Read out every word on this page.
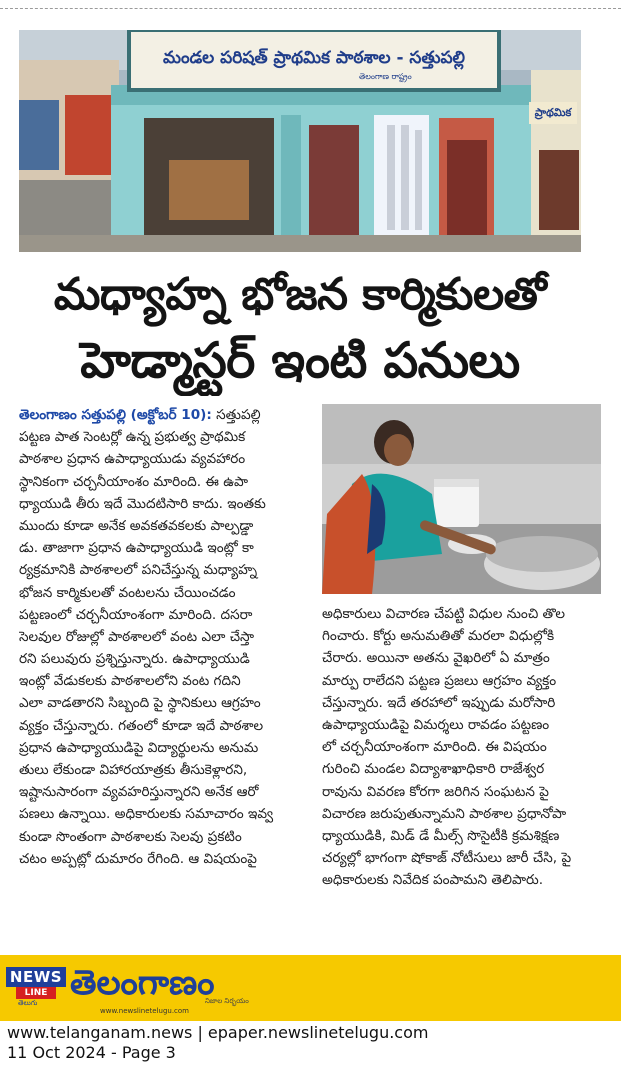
మండల పరిషత్ ప్రాథమిక పాఠశాల - సత్తుపల్లి
తెలంగాణ రాష్ట్రం
ప్రాథమిక
మధ్యాహ్న భోజన కార్మికులతో
హెడ్మాస్టర్ ఇంటి పనులు
తెలంగాణం సత్తుపల్లి (అక్టోబర్ 10): సత్తుపల్లి
పట్టణ పాత సెంటర్లో ఉన్న ప్రభుత్వ ప్రాథమిక
పాఠశాల ప్రధాన ఉపాధ్యాయుడు వ్యవహారం
స్థానికంగా చర్చనీయాంశం మారింది. ఈ ఉపా
ధ్యాయుడి తీరు ఇదే మొదటిసారి కాదు. ఇంతకు
ముందు కూడా అనేక అవకతవకలకు పాల్పడ్డా
డు. తాజాగా ప్రధాన ఉపాధ్యాయుడి ఇంట్లో కా
ర్యక్రమానికి పాఠశాలలో పనిచేస్తున్న మధ్యాహ్న
భోజన కార్మికులతో వంటలను చేయించడం
పట్టణంలో చర్చనీయాంశంగా మారింది. దసరా
సెలవుల రోజుల్లో పాఠశాలలో వంట ఎలా చేస్తా
రని పలువురు ప్రశ్నిస్తున్నారు. ఉపాధ్యాయుడి
ఇంట్లో వేడుకలకు పాఠశాలలోని వంట గదిని
ఎలా వాడతారని సిబ్బంది పై స్థానికులు ఆగ్రహం
వ్యక్తం చేస్తున్నారు. గతంలో కూడా ఇదే పాఠశాల
ప్రధాన ఉపాధ్యాయుడిపై విద్యార్థులను అనుమ
తులు లేకుండా విహారయాత్రకు తీసుకెళ్లారని,
ఇష్టానుసారంగా వ్యవహరిస్తున్నారని అనేక ఆరో
పణలు ఉన్నాయి. అధికారులకు సమాచారం ఇవ్వ
కుండా సొంతంగా పాఠశాలకు సెలవు ప్రకటిం
చటం అప్పట్లో దుమారం రేగింది. ఆ విషయంపై
అధికారులు విచారణ చేపట్టి విధుల నుంచి తొల
గించారు. కోర్టు అనుమతితో మరలా విధుల్లోకి
చేరారు. అయినా అతను వైఖరిలో ఏ మాత్రం
మార్పు రాలేదని పట్టణ ప్రజలు ఆగ్రహం వ్యక్తం
చేస్తున్నారు. ఇదే తరహాలో ఇప్పుడు మరోసారి
ఉపాధ్యాయుడిపై విమర్శలు రావడం పట్టణం
లో చర్చనీయాంశంగా మారింది. ఈ విషయం
గురించి మండల విద్యాశాఖాధికారి రాజేశ్వర
రావును వివరణ కోరగా జరిగిన సంఘటన పై
విచారణ జరుపుతున్నామని పాఠశాల ప్రధానోపా
ధ్యాయుడికి, మిడ్ డే మీల్స్ సొసైటీకి క్రమశిక్షణ
చర్యల్లో భాగంగా షోకాజ్ నోటీసులు జారీ చేసి, పై
అధికారులకు నివేదిక పంపామని తెలిపారు.
NEWS
LINE
తెలుగు తెలంగాణం
నిజాల నిర్భయం
www.newslinetelugu.com
www.telanganam.news | epaper.newslinetelugu.com
11 Oct 2024 - Page 3
